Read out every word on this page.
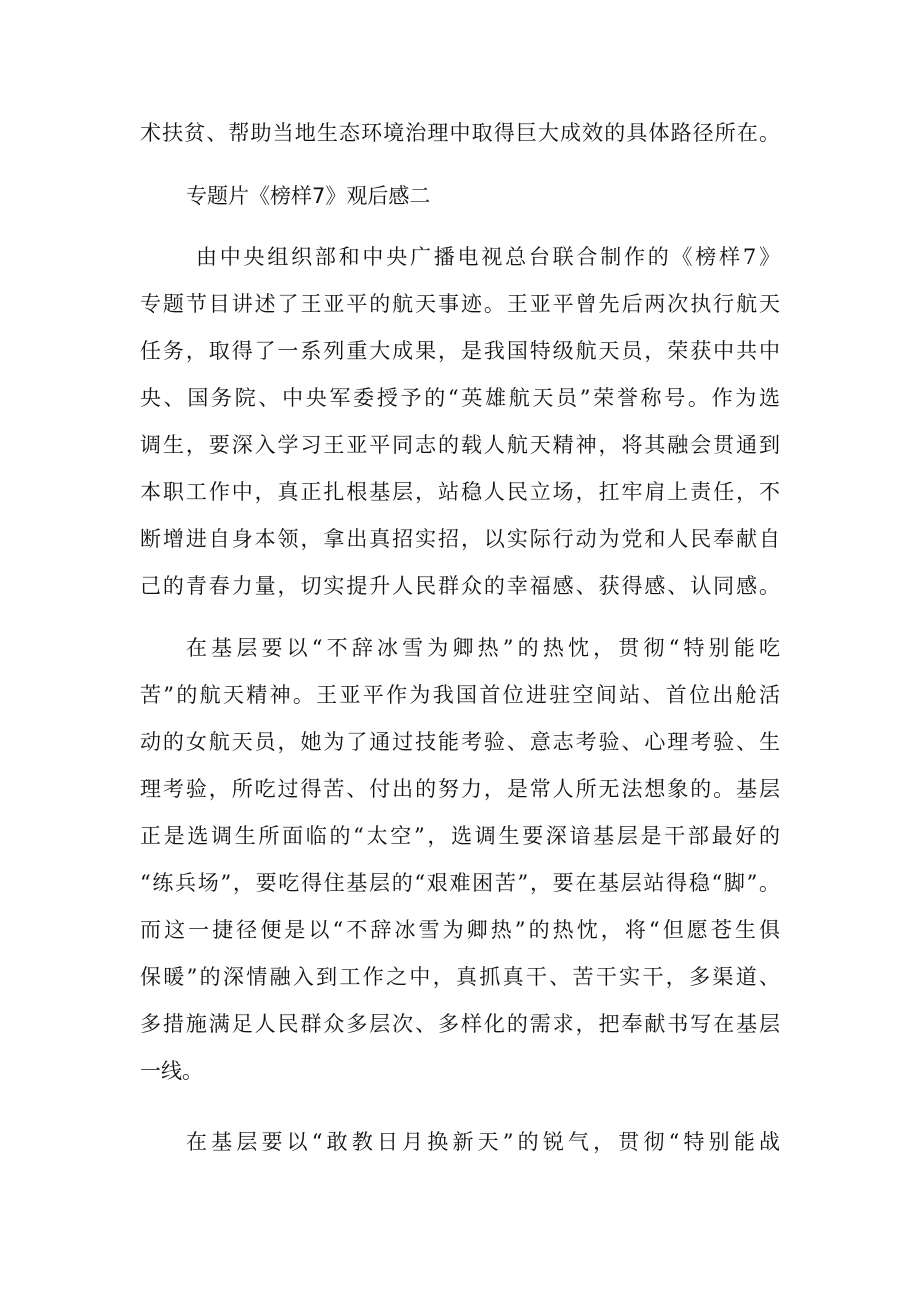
术扶贫、帮助当地生态环境治理中取得巨大成效的具体路径所在。
专题片《榜样7》观后感二
由中央组织部和中央广播电视总台联合制作的《榜样7》
专题节目讲述了王亚平的航天事迹。王亚平曾先后两次执行航天
任务，取得了一系列重大成果，是我国特级航天员，荣获中共中
央、国务院、中央军委授予的“英雄航天员”荣誉称号。作为选
调生，要深入学习王亚平同志的载人航天精神，将其融会贯通到
本职工作中，真正扎根基层，站稳人民立场，扛牢肩上责任，不
断增进自身本领，拿出真招实招，以实际行动为党和人民奉献自
己的青春力量，切实提升人民群众的幸福感、获得感、认同感。
在基层要以“不辞冰雪为卿热”的热忱，贯彻“特别能吃
苦”的航天精神。王亚平作为我国首位进驻空间站、首位出舱活
动的女航天员，她为了通过技能考验、意志考验、心理考验、生
理考验，所吃过得苦、付出的努力，是常人所无法想象的。基层
正是选调生所面临的“太空”，选调生要深谙基层是干部最好的
“练兵场”，要吃得住基层的“艰难困苦”，要在基层站得稳“脚”。
而这一捷径便是以“不辞冰雪为卿热”的热忱，将“但愿苍生俱
保暖”的深情融入到工作之中，真抓真干、苦干实干，多渠道、
多措施满足人民群众多层次、多样化的需求，把奉献书写在基层
一线。
在基层要以“敢教日月换新天”的锐气，贯彻“特别能战
